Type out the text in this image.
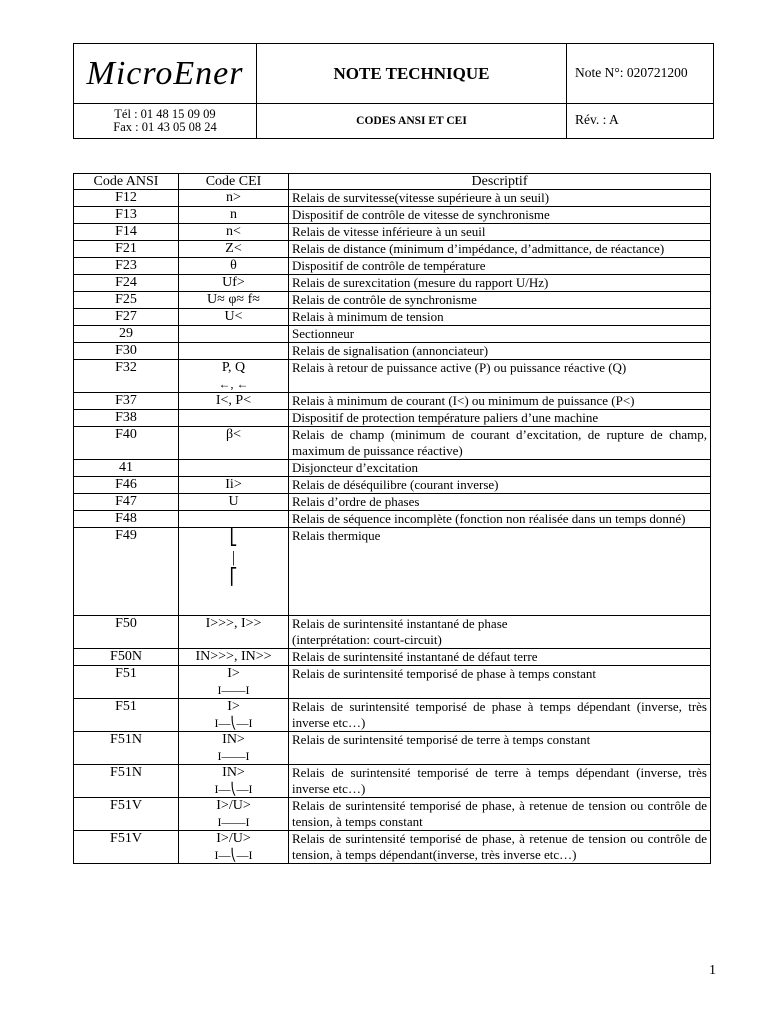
MicroEner
Tél : 01 48 15 09 09
Fax : 01 43 05 08 24
NOTE TECHNIQUE
CODES ANSI ET CEI
Note N°: 020721200
Rév. : A
Code ANSI	Code CEI	Descriptif
F12	n>	Relais de survitesse(vitesse supérieure à un seuil)
F13	n	Dispositif de contrôle de vitesse de synchronisme
F14	n<	Relais de vitesse inférieure à un seuil
F21	Z<	Relais de distance (minimum d’impédance, d’admittance, de réactance)
F23	θ	Dispositif de contrôle de température
F24	Uf>	Relais de surexcitation (mesure du rapport U/Hz)
F25	U≈ φ≈ f≈	Relais de contrôle de synchronisme
F27	U<	Relais à minimum de tension
29		Sectionneur
F30		Relais de signalisation (annonciateur)
F32	P, Q
←, ←	Relais à retour de puissance active (P) ou puissance réactive (Q)
F37	I<, P<	Relais à minimum de courant (I<) ou minimum de puissance (P<)
F38		Dispositif de protection température paliers d’une machine
F40	β<	Relais de champ (minimum de courant d’excitation, de rupture de champ, maximum de puissance réactive)
41		Disjoncteur d’excitation
F46	Ii>	Relais de déséquilibre (courant inverse)
F47	U	Relais d’ordre de phases
F48		Relais de séquence incomplète (fonction non réalisée dans un temps donné)
F49	⎣
|
⎡	Relais thermique
F50	I>>>, I>>	Relais de surintensité instantané de phase
(interprétation: court-circuit)
F50N	IN>>>, IN>>	Relais de surintensité instantané de défaut terre
F51	I>
I——I	Relais de surintensité temporisé de phase à temps constant
F51	I>
I—⎝—I	Relais de surintensité temporisé de phase à temps dépendant (inverse, très inverse etc…)
F51N	IN>
I——I	Relais de surintensité temporisé de terre à temps constant
F51N	IN>
I—⎝—I	Relais de surintensité temporisé de terre à temps dépendant (inverse, très inverse etc…)
F51V	I>/U>
I——I	Relais de surintensité temporisé de phase, à retenue de tension ou contrôle de tension, à temps constant
F51V	I>/U>
I—⎝—I	Relais de surintensité temporisé de phase, à retenue de tension ou contrôle de tension, à temps dépendant(inverse, très inverse etc…)
1
